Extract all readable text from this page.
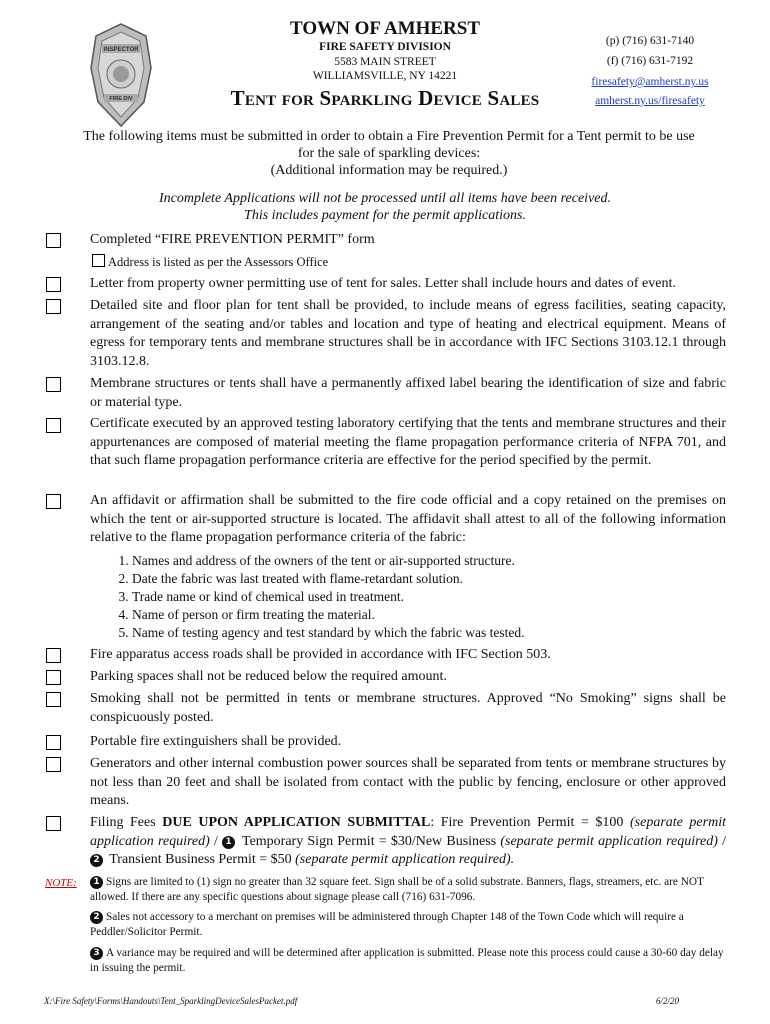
INSPECTOR
FIRE DIV
TOWN OF AMHERST
FIRE SAFETY DIVISION
5583 MAIN STREET
WILLIAMSVILLE, NY 14221
Tent for Sparkling Device Sales
(p) (716) 631-7140
(f) (716) 631-7192
firesafety@amherst.ny.us
amherst.ny.us/firesafety
The following items must be submitted in order to obtain a Fire Prevention Permit for a Tent permit to be use
for the sale of sparkling devices:
(Additional information may be required.)
Incomplete Applications will not be processed until all items have been received.
This includes payment for the permit applications.
Completed “FIRE PREVENTION PERMIT” form
Address is listed as per the Assessors Office
Letter from property owner permitting use of tent for sales. Letter shall include hours and dates of event.
Detailed site and floor plan for tent shall be provided, to include means of egress facilities, seating capacity, arrangement of the seating and/or tables and location and type of heating and electrical equipment. Means of egress for temporary tents and membrane structures shall be in accordance with IFC Sections 3103.12.1 through 3103.12.8.
Membrane structures or tents shall have a permanently affixed label bearing the identification of size and fabric or material type.
Certificate executed by an approved testing laboratory certifying that the tents and membrane structures and their appurtenances are composed of material meeting the flame propagation performance criteria of NFPA 701, and that such flame propagation performance criteria are effective for the period specified by the permit.
An affidavit or affirmation shall be submitted to the fire code official and a copy retained on the premises on which the tent or air-supported structure is located. The affidavit shall attest to all of the following information relative to the flame propagation performance criteria of the fabric:
1. Names and address of the owners of the tent or air-supported structure.
2. Date the fabric was last treated with flame-retardant solution.
3. Trade name or kind of chemical used in treatment.
4. Name of person or firm treating the material.
5. Name of testing agency and test standard by which the fabric was tested.
Fire apparatus access roads shall be provided in accordance with IFC Section 503.
Parking spaces shall not be reduced below the required amount.
Smoking shall not be permitted in tents or membrane structures. Approved “No Smoking” signs shall be conspicuously posted.
Portable fire extinguishers shall be provided.
Generators and other internal combustion power sources shall be separated from tents or membrane structures by not less than 20 feet and shall be isolated from contact with the public by fencing, enclosure or other approved means.
Filing Fees DUE UPON APPLICATION SUBMITTAL: Fire Prevention Permit = $100 (separate permit application required) / 1 Temporary Sign Permit = $30/New Business (separate permit application required) / 2 Transient Business Permit = $50 (separate permit application required).
NOTE:	1 Signs are limited to (1) sign no greater than 32 square feet. Sign shall be of a solid substrate. Banners, flags, streamers, etc. are NOT allowed. If there are any specific questions about signage please call (716) 631-7096.
2 Sales not accessory to a merchant on premises will be administered through Chapter 148 of the Town Code which will require a Peddler/Solicitor Permit.
3 A variance may be required and will be determined after application is submitted. Please note this process could cause a 30-60 day delay in issuing the permit.
X:\Fire Safety\Forms\Handouts\Tent_SparklingDeviceSalesPacket.pdf	6/2/20
